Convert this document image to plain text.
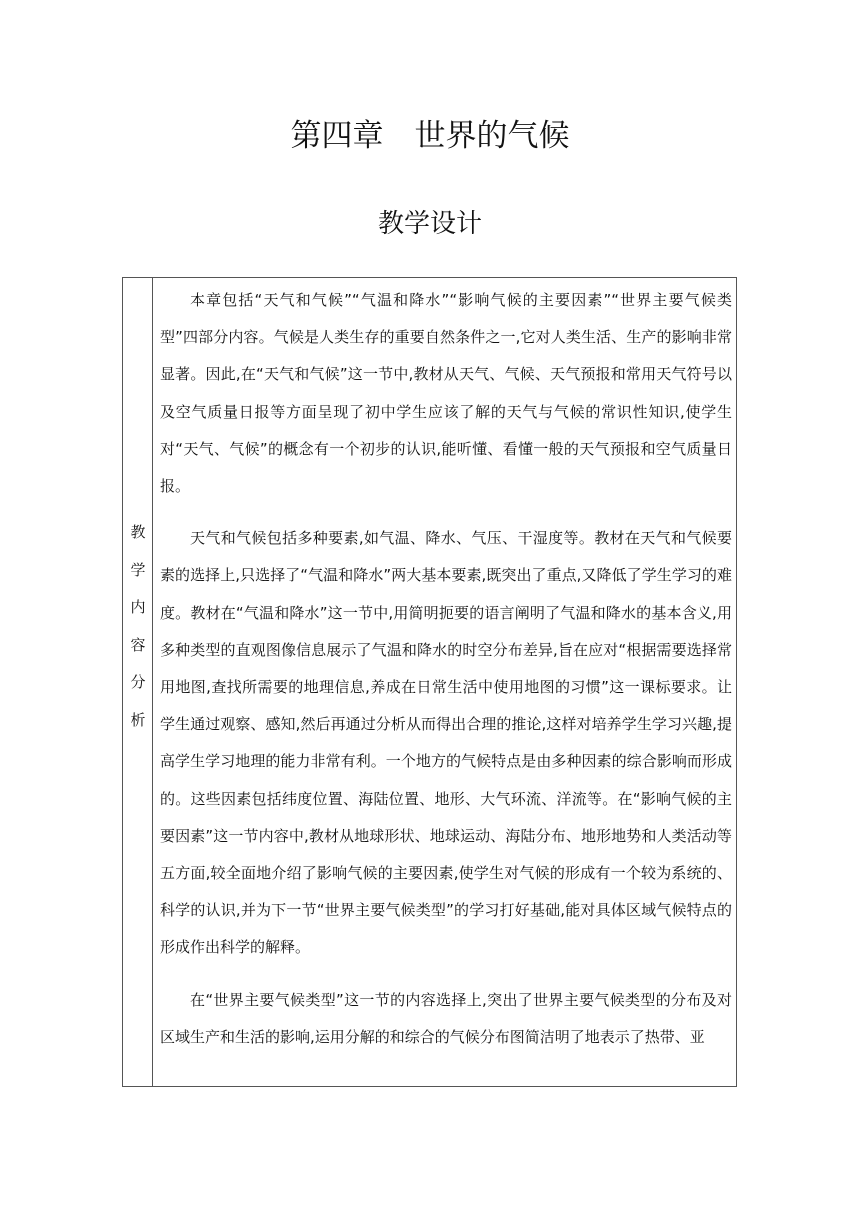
第四章　世界的气候
教学设计
教
学
内
容
分
析

本章包括“天气和气候”“气温和降水”“影响气候的主要因素”“世界主要气候类型”四部分内容。气候是人类生存的重要自然条件之一,它对人类生活、生产的影响非常显著。因此,在“天气和气候”这一节中,教材从天气、气候、天气预报和常用天气符号以及空气质量日报等方面呈现了初中学生应该了解的天气与气候的常识性知识,使学生对“天气、气候”的概念有一个初步的认识,能听懂、看懂一般的天气预报和空气质量日报。

天气和气候包括多种要素,如气温、降水、气压、干湿度等。教材在天气和气候要素的选择上,只选择了“气温和降水”两大基本要素,既突出了重点,又降低了学生学习的难度。教材在“气温和降水”这一节中,用简明扼要的语言阐明了气温和降水的基本含义,用多种类型的直观图像信息展示了气温和降水的时空分布差异,旨在应对“根据需要选择常用地图,查找所需要的地理信息,养成在日常生活中使用地图的习惯”这一课标要求。让学生通过观察、感知,然后再通过分析从而得出合理的推论,这样对培养学生学习兴趣,提高学生学习地理的能力非常有利。一个地方的气候特点是由多种因素的综合影响而形成的。这些因素包括纬度位置、海陆位置、地形、大气环流、洋流等。在“影响气候的主要因素”这一节内容中,教材从地球形状、地球运动、海陆分布、地形地势和人类活动等五方面,较全面地介绍了影响气候的主要因素,使学生对气候的形成有一个较为系统的、科学的认识,并为下一节“世界主要气候类型”的学习打好基础,能对具体区域气候特点的形成作出科学的解释。

在“世界主要气候类型”这一节的内容选择上,突出了世界主要气候类型的分布及对区域生产和生活的影响,运用分解的和综合的气候分布图简洁明了地表示了热带、亚
